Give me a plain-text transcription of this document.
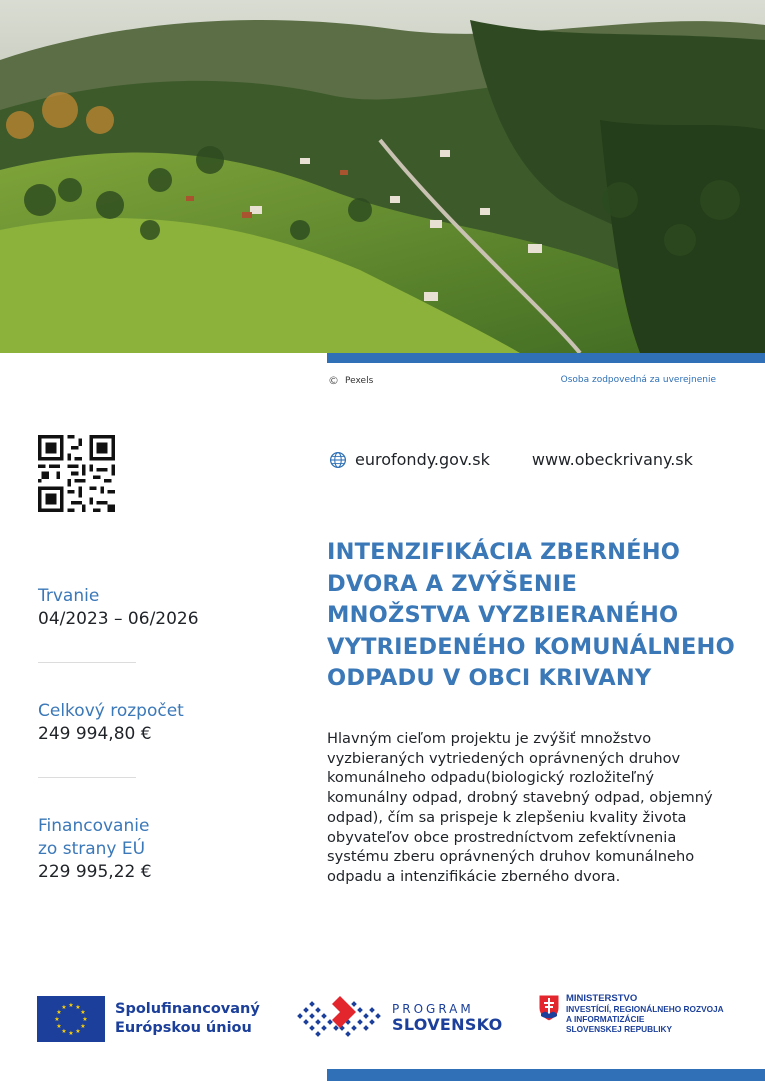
© Pexels	Osoba zodpovedná za uverejnenie
eurofondy.gov.sk	www.obeckrivany.sk
INTENZIFIKÁCIA ZBERNÉHO
DVORA A ZVÝŠENIE
MNOŽSTVA VYZBIERANÉHO
VYTRIEDENÉHO KOMUNÁLNEHO
ODPADU V OBCI KRIVANY
Hlavným cieľom projektu je zvýšiť množstvo
vyzbieraných vytriedených oprávnených druhov
komunálneho odpadu(biologický rozložiteľný
komunálny odpad, drobný stavebný odpad, objemný
odpad), čím sa prispeje k zlepšeniu kvality života
obyvateľov obce prostredníctvom zefektívnenia
systému zberu oprávnených druhov komunálneho
odpadu a intenzifikácie zberného dvora.
Trvanie
04/2023 – 06/2026
Celkový rozpočet
249 994,80 €
Financovanie
zo strany EÚ
229 995,22 €
★ ★
★
★
★
★
★
★
★
★
★
★	Spolufinancovaný
Európskou úniou
PROGRAM
SLOVENSKO
MINISTERSTVO
INVESTÍCIÍ, REGIONÁLNEHO ROZVOJA
A INFORMATIZÁCIE
SLOVENSKEJ REPUBLIKY
